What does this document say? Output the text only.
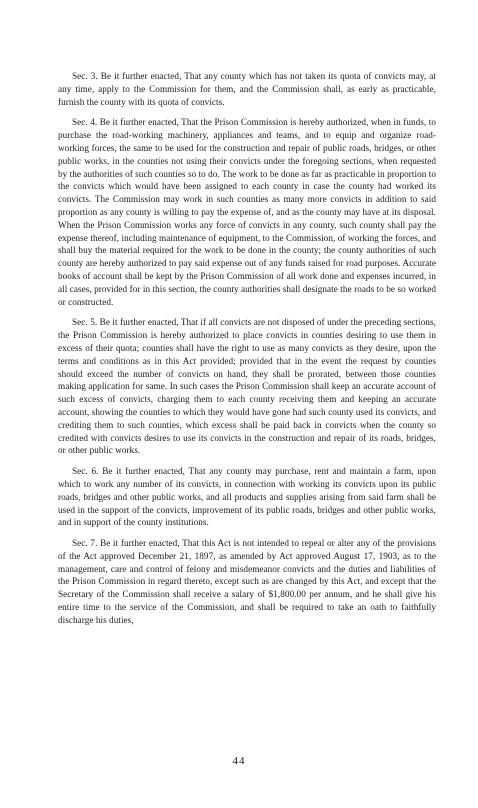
Sec. 3. Be it further enacted, That any county which has not taken its quota of convicts may, at any time, apply to the Commission for them, and the Commission shall, as early as practicable, furnish the county with its quota of convicts.

Sec. 4. Be it further enacted, That the Prison Commission is hereby authorized, when in funds, to purchase the road-working machinery, appliances and teams, and to equip and organize road-working forces, the same to be used for the construction and repair of public roads, bridges, or other public works, in the counties not using their convicts under the foregoing sections, when requested by the authorities of such counties so to do. The work to be done as far as practicable in proportion to the convicts which would have been assigned to each county in case the county had worked its convicts. The Commission may work in such counties as many more convicts in addition to said proportion as any county is willing to pay the expense of, and as the county may have at its disposal. When the Prison Commission works any force of convicts in any county, such county shall pay the expense thereof, including maintenance of equipment, to the Commission, of working the forces, and shall buy the material required for the work to be done in the county; the county authorities of such county are hereby authorized to pay said expense out of any funds raised for road purposes. Accurate books of account shall be kept by the Prison Commission of all work done and expenses incurred, in all cases, provided for in this section, the county authorities shall designate the roads to be so worked or constructed.

Sec. 5. Be it further enacted, That if all convicts are not disposed of under the preceding sections, the Prison Commission is hereby authorized to place convicts in counties desiring to use them in excess of their quota; counties shall have the right to use as many convicts as they desire, upon the terms and conditions as in this Act provided; provided that in the event the request by counties should exceed the number of convicts on hand, they shall be prorated, between those counties making application for same. In such cases the Prison Commission shall keep an accurate account of such excess of convicts, charging them to each county receiving them and keeping an accurate account, showing the counties to which they would have gone had such county used its convicts, and crediting them to such counties, which excess shall be paid back in convicts when the county so credited with convicts desires to use its convicts in the construction and repair of its roads, bridges, or other public works.

Sec. 6. Be it further enacted, That any county may purchase, rent and maintain a farm, upon which to work any number of its convicts, in connection with working its convicts upon its public roads, bridges and other public works, and all products and supplies arising from said farm shall be used in the support of the convicts, improvement of its public roads, bridges and other public works, and in support of the county institutions.

Sec. 7. Be it further enacted, That this Act is not intended to repeal or alter any of the provisions of the Act approved December 21, 1897, as amended by Act approved August 17, 1903, as to the management, care and control of felony and misdemeanor convicts and the duties and liabilities of the Prison Commission in regard thereto, except such as are changed by this Act, and except that the Secretary of the Commission shall receive a salary of $1,800.00 per annum, and he shall give his entire time to the service of the Commission, and shall be required to take an oath to faithfully discharge his duties,

44
